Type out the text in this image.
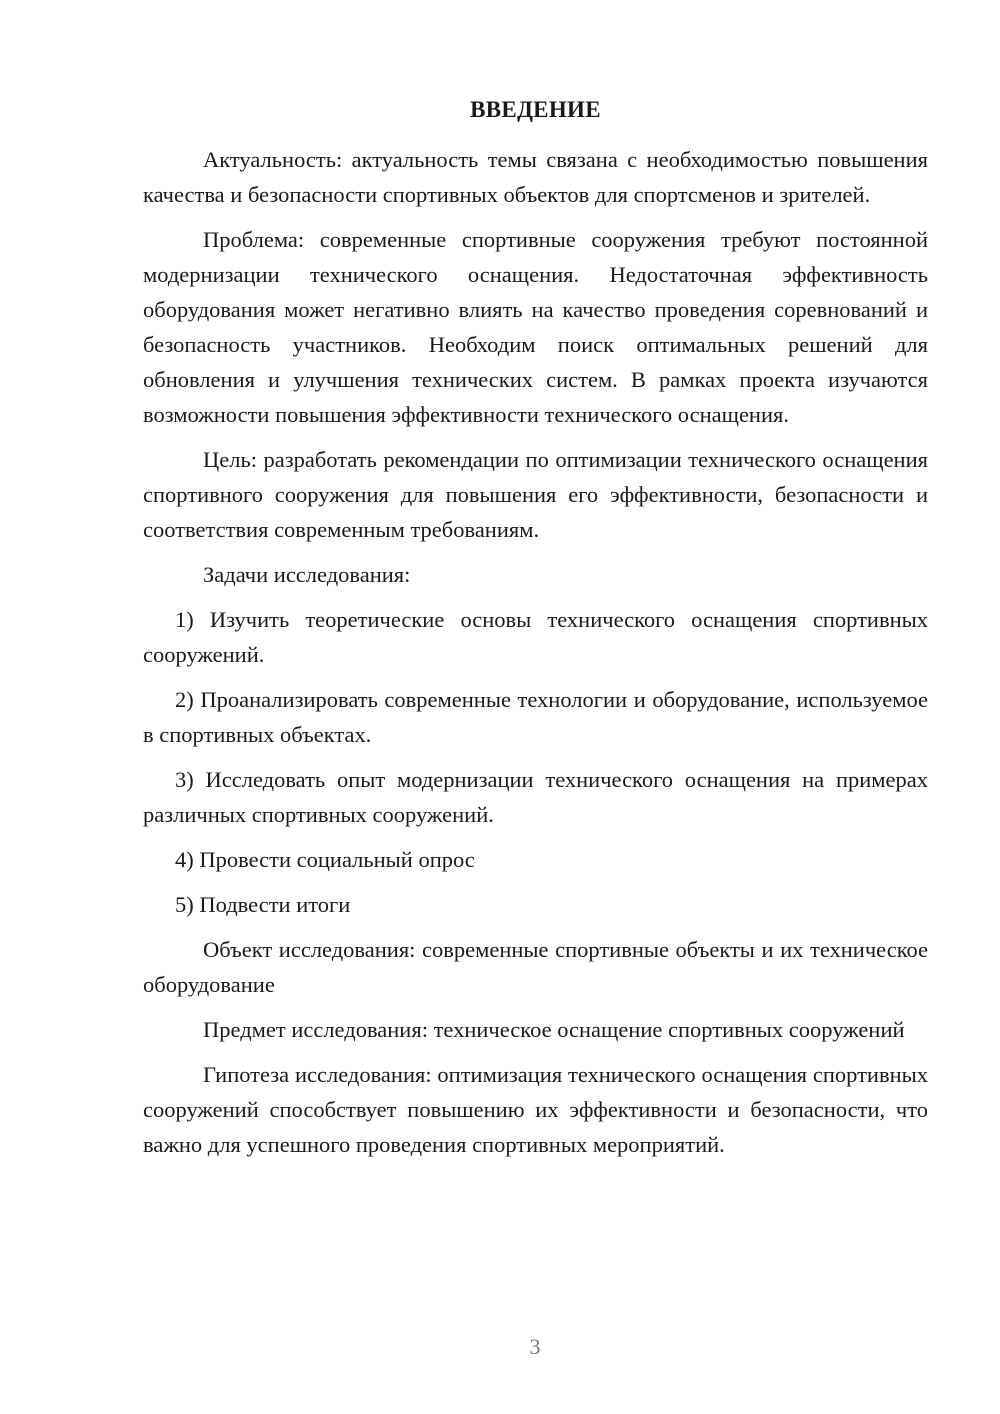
ВВЕДЕНИЕ

Актуальность: актуальность темы связана с необходимостью повышения качества и безопасности спортивных объектов для спортсменов и зрителей.

Проблема: современные спортивные сооружения требуют постоянной модернизации технического оснащения. Недостаточная эффективность оборудования может негативно влиять на качество проведения соревнований и безопасность участников. Необходим поиск оптимальных решений для обновления и улучшения технических систем. В рамках проекта изучаются возможности повышения эффективности технического оснащения.

Цель: разработать рекомендации по оптимизации технического оснащения спортивного сооружения для повышения его эффективности, безопасности и соответствия современным требованиям.

Задачи исследования:

1) Изучить теоретические основы технического оснащения спортивных сооружений.

2) Проанализировать современные технологии и оборудование, используемое в спортивных объектах.

3) Исследовать опыт модернизации технического оснащения на примерах различных спортивных сооружений.

4) Провести социальный опрос

5) Подвести итоги

Объект исследования: современные спортивные объекты и их техническое оборудование

Предмет исследования: техническое оснащение спортивных сооружений

Гипотеза исследования: оптимизация технического оснащения спортивных сооружений способствует повышению их эффективности и безопасности, что важно для успешного проведения спортивных мероприятий.

3
